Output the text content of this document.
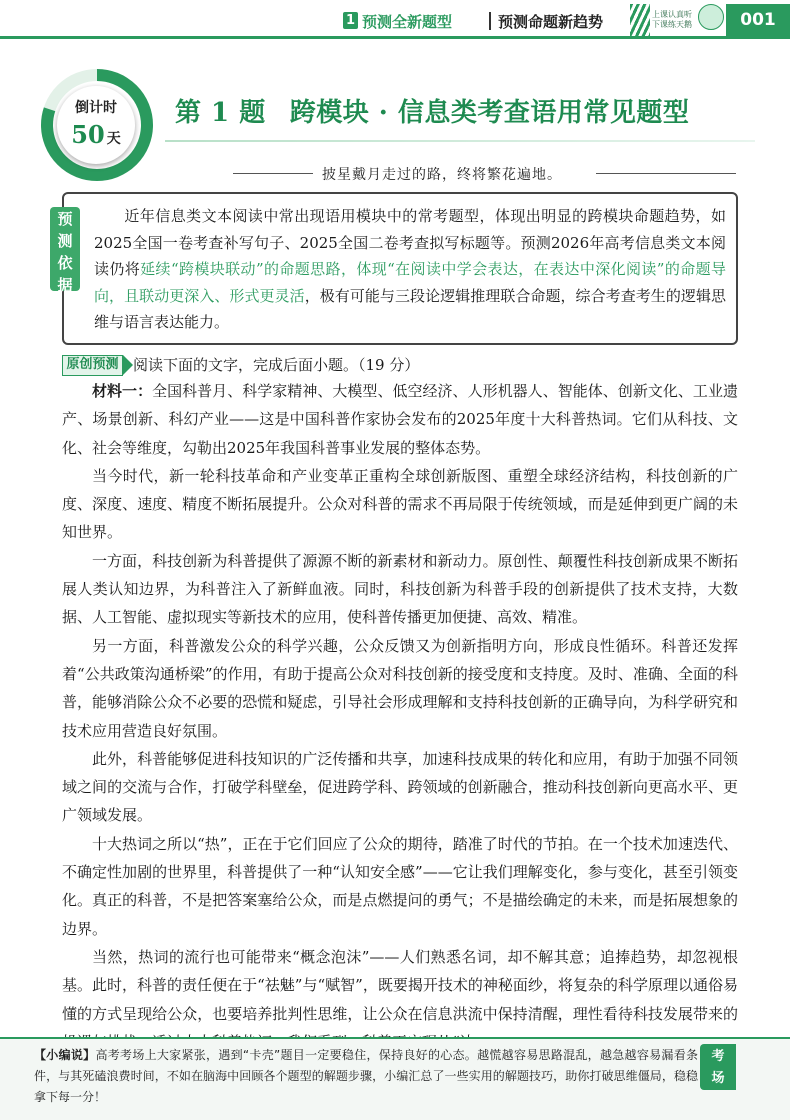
1 预测全新题型	预测命题新趋势	上课认真听
下课练天鹅	001
倒计时
50 天
第 1 题 跨模块 · 信息类考查语用常见题型
披星戴月走过的路，终将繁花遍地。
预
测
依
据
近年信息类文本阅读中常出现语用模块中的常考题型，体现出明显的跨模块命题趋势，如2025全国一卷考查补写句子、2025全国二卷考查拟写标题等。预测2026年高考信息类文本阅读仍将延续“跨模块联动”的命题思路，体现“在阅读中学会表达，在表达中深化阅读”的命题导向，且联动更深入、形式更灵活，极有可能与三段论逻辑推理联合命题，综合考查考生的逻辑思维与语言表达能力。
原创预测 阅读下面的文字，完成后面小题。（19 分）

材料一：全国科普月、科学家精神、大模型、低空经济、人形机器人、智能体、创新文化、工业遗产、场景创新、科幻产业——这是中国科普作家协会发布的2025年度十大科普热词。它们从科技、文化、社会等维度，勾勒出2025年我国科普事业发展的整体态势。

当今时代，新一轮科技革命和产业变革正重构全球创新版图、重塑全球经济结构，科技创新的广度、深度、速度、精度不断拓展提升。公众对科普的需求不再局限于传统领域，而是延伸到更广阔的未知世界。

一方面，科技创新为科普提供了源源不断的新素材和新动力。原创性、颠覆性科技创新成果不断拓展人类认知边界，为科普注入了新鲜血液。同时，科技创新为科普手段的创新提供了技术支持，大数据、人工智能、虚拟现实等新技术的应用，使科普传播更加便捷、高效、精准。

另一方面，科普激发公众的科学兴趣，公众反馈又为创新指明方向，形成良性循环。科普还发挥着“公共政策沟通桥梁”的作用，有助于提高公众对科技创新的接受度和支持度。及时、准确、全面的科普，能够消除公众不必要的恐慌和疑虑，引导社会形成理解和支持科技创新的正确导向，为科学研究和技术应用营造良好氛围。

此外，科普能够促进科技知识的广泛传播和共享，加速科技成果的转化和应用，有助于加强不同领域之间的交流与合作，打破学科壁垒，促进跨学科、跨领域的创新融合，推动科技创新向更高水平、更广领域发展。

十大热词之所以“热”，正在于它们回应了公众的期待，踏准了时代的节拍。在一个技术加速迭代、不确定性加剧的世界里，科普提供了一种“认知安全感”——它让我们理解变化，参与变化，甚至引领变化。真正的科普，不是把答案塞给公众，而是点燃提问的勇气；不是描绘确定的未来，而是拓展想象的边界。

当然，热词的流行也可能带来“概念泡沫”——人们熟悉名词，却不解其意；追捧趋势，却忽视根基。此时，科普的责任便在于“祛魅”与“赋智”，既要揭开技术的神秘面纱，将复杂的科学原理以通俗易懂的方式呈现给公众，也要培养批判性思维，让公众在信息洪流中保持清醒，理性看待科技发展带来的

【小编说】高考考场上大家紧张，遇到“卡壳”题目一定要稳住，保持良好的心态。越慌越容易思路混乱，越急越容易漏看条件，与其死磕浪费时间，不如在脑海中回顾各个题型的解题步骤，小编汇总了一些实用的解题技巧，助你打破思维僵局，稳稳拿下每一分！
考
场
